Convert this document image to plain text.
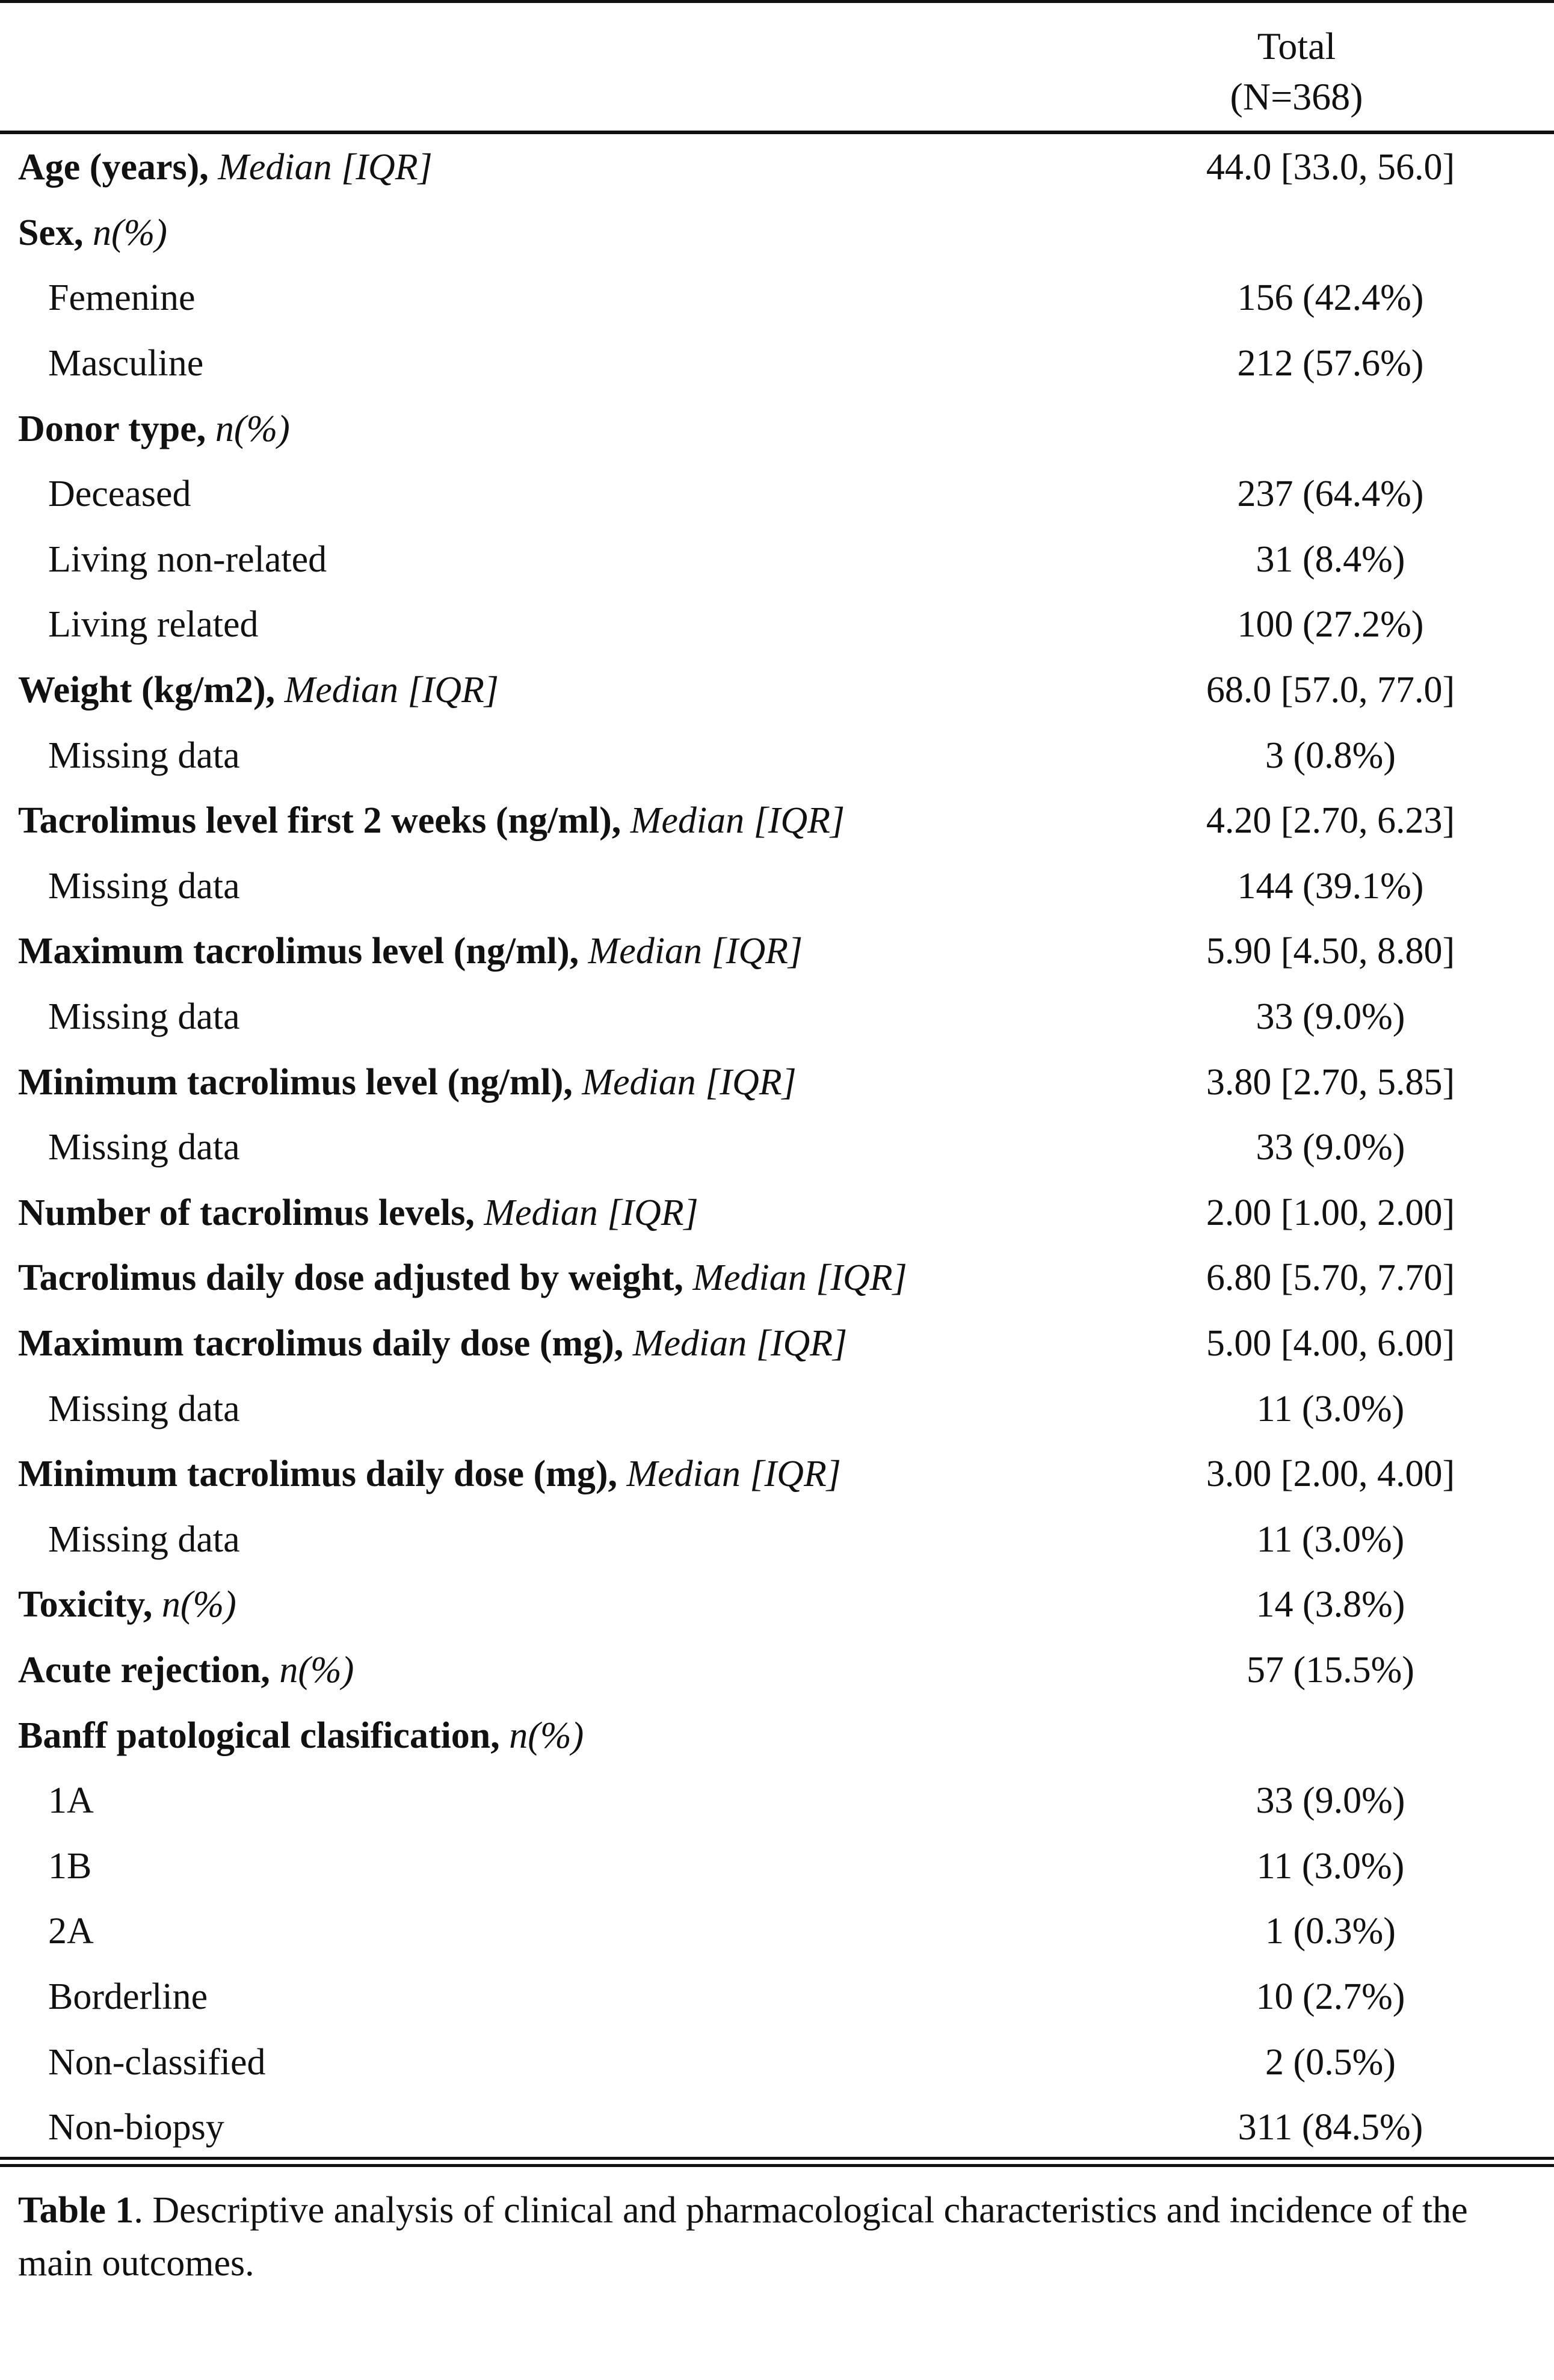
Total
(N=368)
Age (years), Median [IQR]	44.0 [33.0, 56.0]
Sex, n(%)	
Femenine	156 (42.4%)
Masculine	212 (57.6%)
Donor type, n(%)	
Deceased	237 (64.4%)
Living non-related	31 (8.4%)
Living related	100 (27.2%)
Weight (kg/m2), Median [IQR]	68.0 [57.0, 77.0]
Missing data	3 (0.8%)
Tacrolimus level first 2 weeks (ng/ml), Median [IQR]	4.20 [2.70, 6.23]
Missing data	144 (39.1%)
Maximum tacrolimus level (ng/ml), Median [IQR]	5.90 [4.50, 8.80]
Missing data	33 (9.0%)
Minimum tacrolimus level (ng/ml), Median [IQR]	3.80 [2.70, 5.85]
Missing data	33 (9.0%)
Number of tacrolimus levels, Median [IQR]	2.00 [1.00, 2.00]
Tacrolimus daily dose adjusted by weight, Median [IQR]	6.80 [5.70, 7.70]
Maximum tacrolimus daily dose (mg), Median [IQR]	5.00 [4.00, 6.00]
Missing data	11 (3.0%)
Minimum tacrolimus daily dose (mg), Median [IQR]	3.00 [2.00, 4.00]
Missing data	11 (3.0%)
Toxicity, n(%)	14 (3.8%)
Acute rejection, n(%)	57 (15.5%)
Banff patological clasification, n(%)	
1A	33 (9.0%)
1B	11 (3.0%)
2A	1 (0.3%)
Borderline	10 (2.7%)
Non-classified	2 (0.5%)
Non-biopsy	311 (84.5%)
Table 1. Descriptive analysis of clinical and pharmacological characteristics and incidence of the main outcomes.
